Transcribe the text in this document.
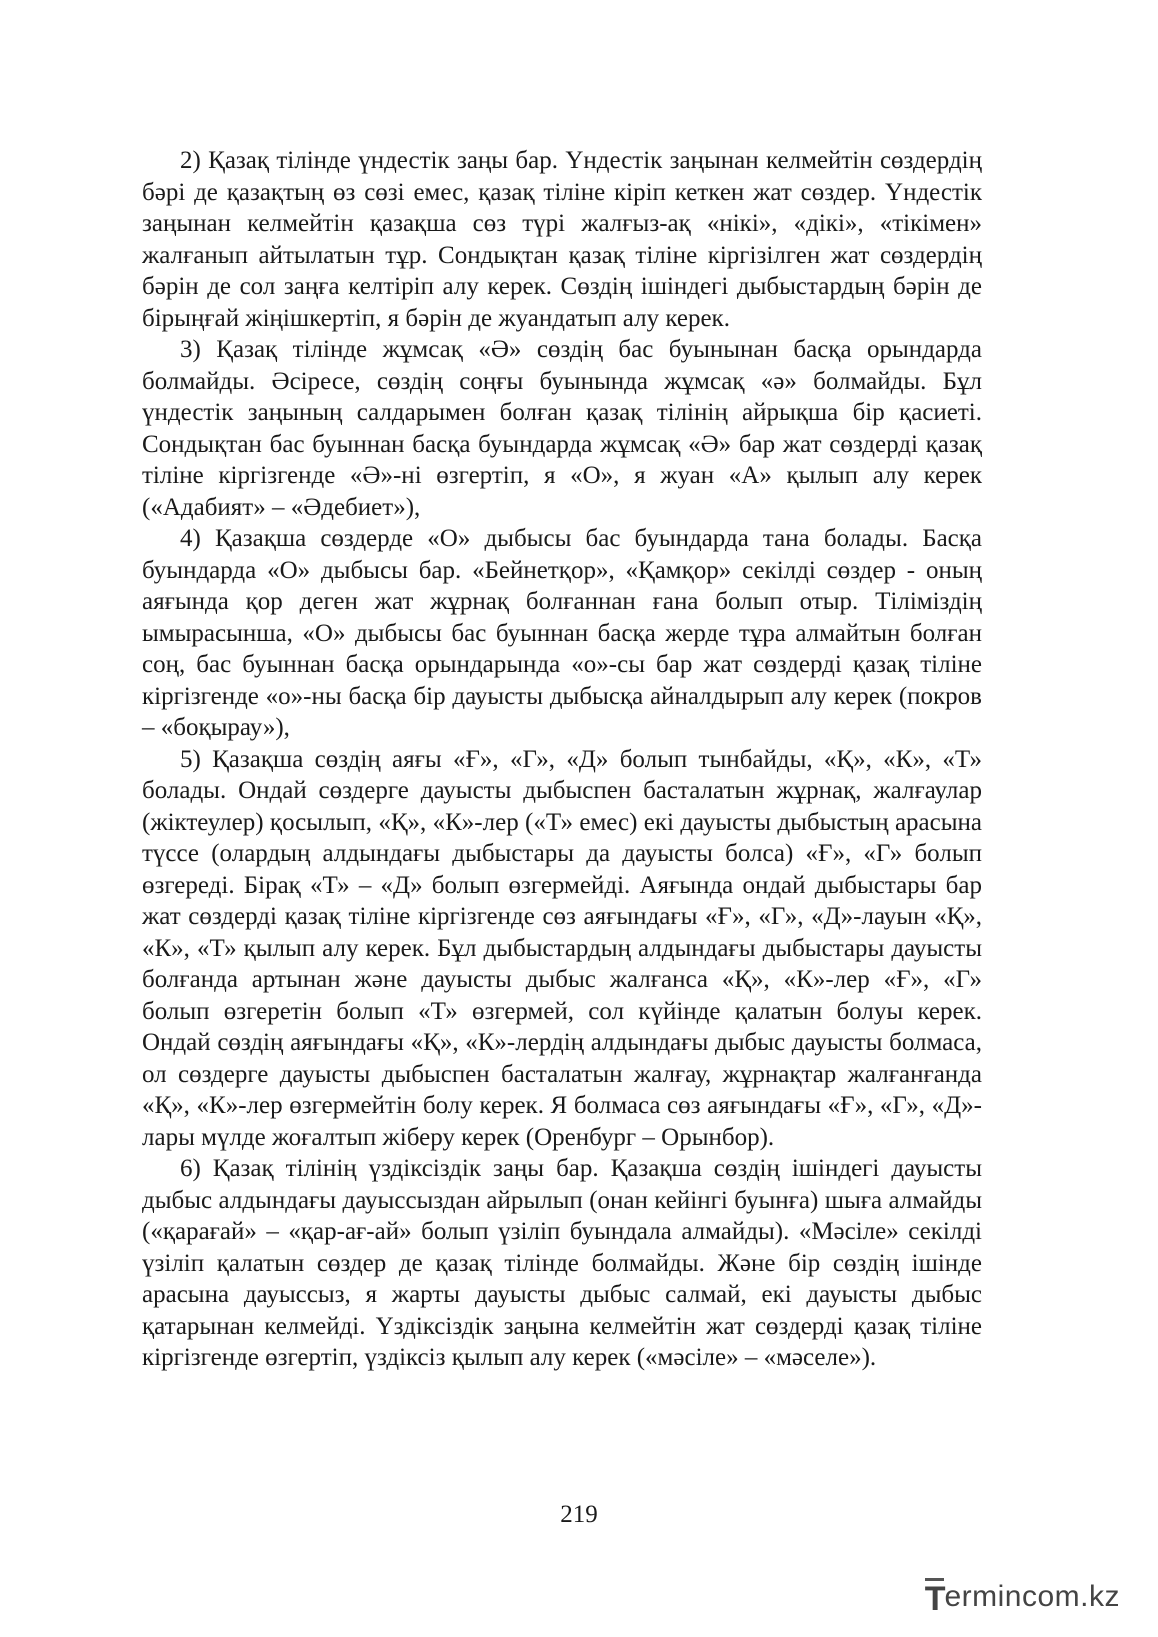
2) Қазақ тілінде үндестік заңы бар. Үндестік заңынан келмейтін сөздердің бәрі де қазақтың өз сөзі емес, қазақ тіліне кіріп кеткен жат сөздер. Үндестік заңынан келмейтін қазақша сөз түрі жалғыз-ақ «нікі», «дікі», «тікімен» жалғанып айтылатын тұр. Сондықтан қазақ тіліне кіргізілген жат сөздердің бәрін де сол заңға келтіріп алу керек. Сөздің ішіндегі дыбыстардың бәрін де бірыңғай жіңішкертіп, я бәрін де жуандатып алу керек.

3) Қазақ тілінде жұмсақ «Ә» сөздің бас буынынан басқа орындарда болмайды. Әсіресе, сөздің соңғы буынында жұмсақ «ә» болмайды. Бұл үндестік заңының салдарымен болған қазақ тілінің айрықша бір қасиеті. Сондықтан бас буыннан басқа буындарда жұмсақ «Ә» бар жат сөздерді қазақ тіліне кіргізгенде «Ә»-ні өзгертіп, я «О», я жуан «А» қылып алу керек («Адабият» – «Әдебиет»),

4) Қазақша сөздерде «О» дыбысы бас буындарда тана болады. Басқа буындарда «О» дыбысы бар. «Бейнетқор», «Қамқор» секілді сөздер - оның аяғында қор деген жат жұрнақ болғаннан ғана болып отыр. Тіліміздің ымырасынша, «О» дыбысы бас буыннан басқа жерде тұра алмайтын болған соң, бас буыннан басқа орындарында «о»-сы бар жат сөздерді қазақ тіліне кіргізгенде «о»-ны басқа бір дауысты дыбысқа айналдырып алу керек (покров – «боқырау»),

5) Қазақша сөздің аяғы «Ғ», «Г», «Д» болып тынбайды, «Қ», «К», «Т» болады. Ондай сөздерге дауысты дыбыспен басталатын жұрнақ, жалғаулар (жіктеулер) қосылып, «Қ», «К»-лер («Т» емес) екі дауысты дыбыстың арасына түссе (олардың алдындағы дыбыстары да дауысты болса) «Ғ», «Г» болып өзгереді. Бірақ «Т» – «Д» болып өзгермейді. Аяғында ондай дыбыстары бар жат сөздерді қазақ тіліне кіргізгенде сөз аяғындағы «Ғ», «Г», «Д»-лауын «Қ», «К», «Т» қылып алу керек. Бұл дыбыстардың алдындағы дыбыстары дауысты болғанда артынан және дауысты дыбыс жалғанса «Қ», «К»-лер «Ғ», «Г» болып өзгеретін болып «Т» өзгермей, сол күйінде қалатын болуы керек. Ондай сөздің аяғындағы «Қ», «К»-лердің алдындағы дыбыс дауысты болмаса, ол сөздерге дауысты дыбыспен басталатын жалғау, жұрнақтар жалғанғанда «Қ», «К»-лер өзгермейтін болу керек. Я болмаса сөз аяғындағы «Ғ», «Г», «Д»-лары мүлде жоғалтып жіберу керек (Оренбург – Орынбор).

6) Қазақ тілінің үздіксіздік заңы бар. Қазақша сөздің ішіндегі дауысты дыбыс алдындағы дауыссыздан айрылып (онан кейінгі буынға) шыға алмайды («қарағай» – «қар-ағ-ай» болып үзіліп буындала алмайды). «Мәсіле» секілді үзіліп қалатын сөздер де қазақ тілінде болмайды. Және бір сөздің ішінде арасына дауыссыз, я жарты дауысты дыбыс салмай, екі дауысты дыбыс қатарынан келмейді. Үздіксіздік заңына келмейтін жат сөздерді қазақ тіліне кіргізгенде өзгертіп, үздіксіз қылып алу керек («мәсіле» – «мәселе»).

219
T ermincom.kz
